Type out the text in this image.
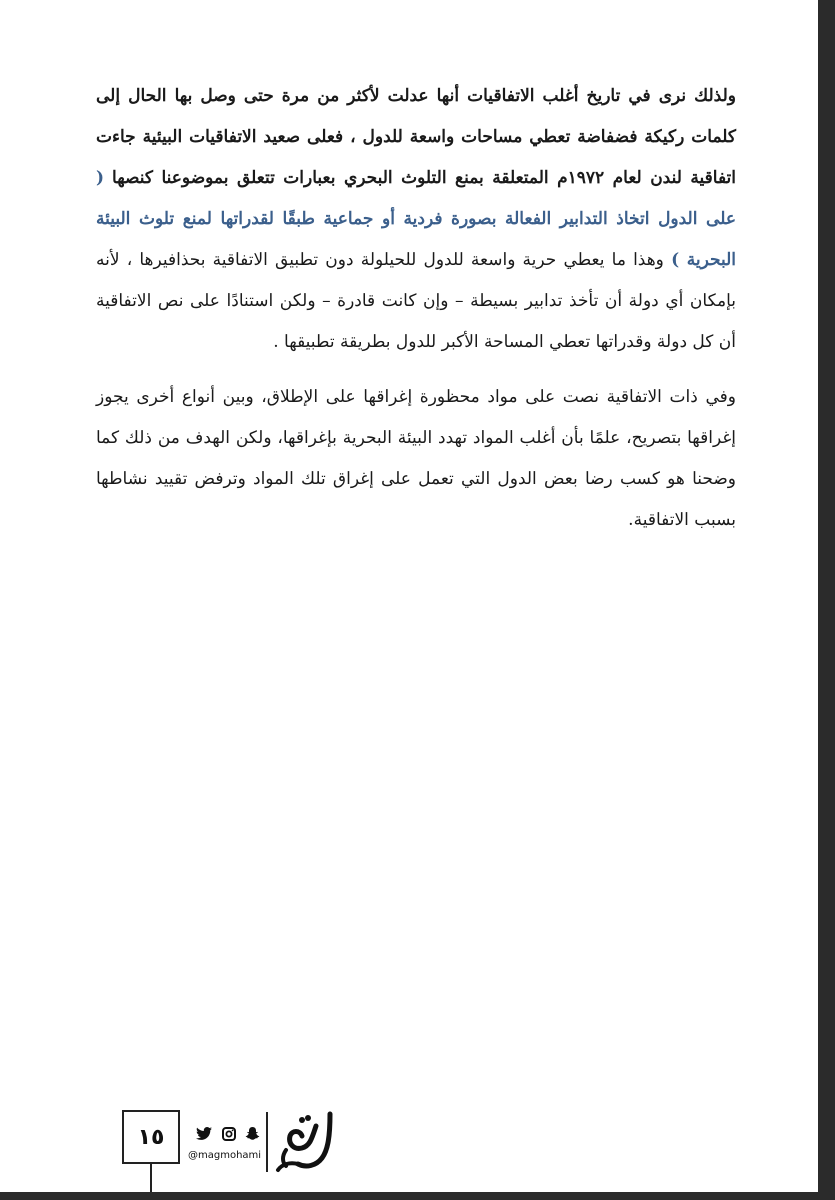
ولذلك نرى في تاريخ أغلب الاتفاقيات أنها عدلت لأكثر من مرة حتى وصل بها الحال إلى كلمات ركيكة فضفاضة تعطي مساحات واسعة للدول ، فعلى صعيد الاتفاقيات البيئية جاءت اتفاقية لندن لعام ١٩٧٢م المتعلقة بمنع التلوث البحري بعبارات تتعلق بموضوعنا كنصها ( على الدول اتخاذ التدابير الفعالة بصورة فردية أو جماعية طبقًا لقدراتها لمنع تلوث البيئة البحرية ) وهذا ما يعطي حرية واسعة للدول للحيلولة دون تطبيق الاتفاقية بحذافيرها ، لأنه بإمكان أي دولة أن تأخذ تدابير بسيطة – وإن كانت قادرة – ولكن استنادًا على نص الاتفاقية أن كل دولة وقدراتها تعطي المساحة الأكبر للدول بطريقة تطبيقها .

وفي ذات الاتفاقية نصت على مواد محظورة إغراقها على الإطلاق، وبين أنواع أخرى يجوز إغراقها بتصريح، علمًا بأن أغلب المواد تهدد البيئة البحرية بإغراقها، ولكن الهدف من ذلك كما وضحنا هو كسب رضا بعض الدول التي تعمل على إغراق تلك المواد وترفض تقييد نشاطها بسبب الاتفاقية.

١٥
@magmohami
